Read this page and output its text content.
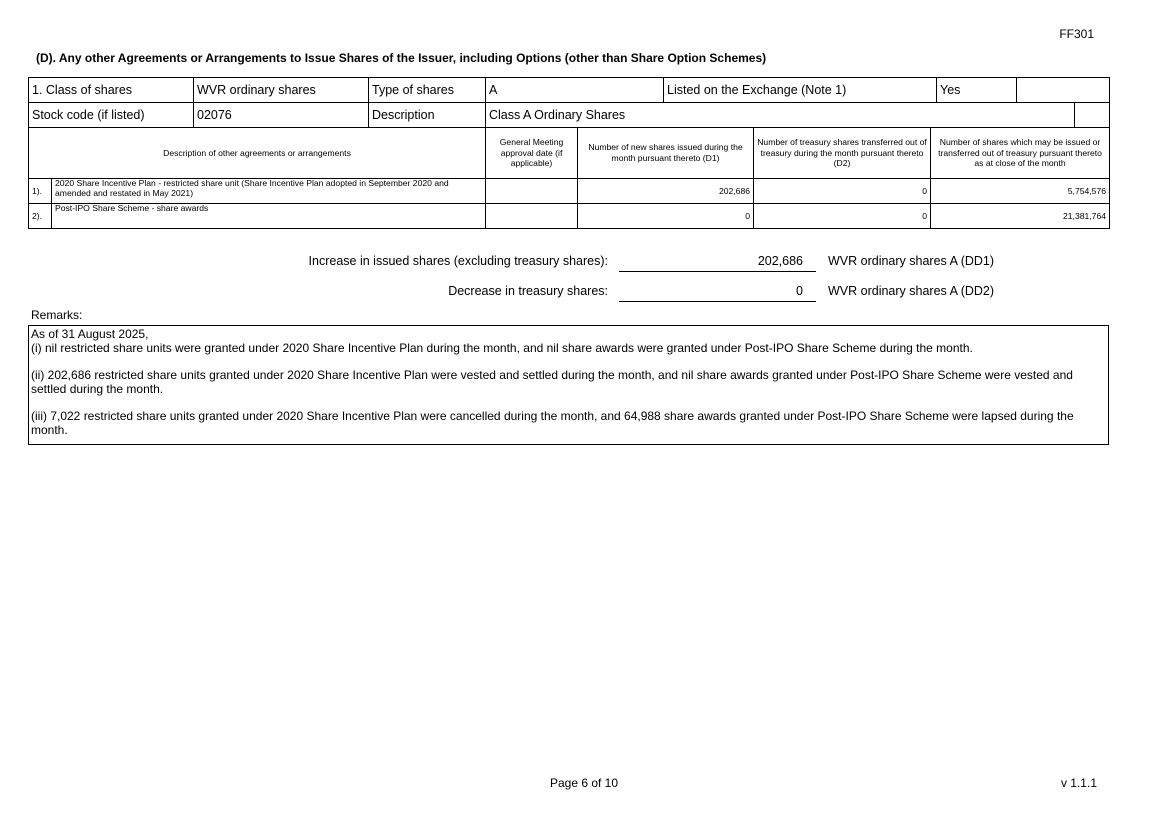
FF301
(D). Any other Agreements or Arrangements to Issue Shares of the Issuer, including Options (other than Share Option Schemes)
1. Class of shares	WVR ordinary shares	Type of shares	A	Listed on the Exchange (Note 1)	Yes		
Stock code (if listed)	02076	Description	Class A Ordinary Shares				
Description of other agreements or arrangements		General Meeting approval date (if applicable)	Number of new shares issued during the month pursuant thereto (D1)	Number of treasury shares transferred out of treasury during the month pursuant thereto (D2)	Number of shares which may be issued or transferred out of treasury pursuant thereto as at close of the month
1).	2020 Share Incentive Plan - restricted share unit (Share Incentive Plan adopted in September 2020 and amended and restated in May 2021)		202,686	0	5,754,576
2).	Post-IPO Share Scheme - share awards		0	0	21,381,764
Increase in issued shares (excluding treasury shares):	202,686	WVR ordinary shares A (DD1)
Decrease in treasury shares:	0	WVR ordinary shares A (DD2)
Remarks:

As of 31 August 2025,

(i) nil restricted share units were granted under 2020 Share Incentive Plan during the month, and nil share awards were granted under Post-IPO Share Scheme during the month.

(ii) 202,686 restricted share units granted under 2020 Share Incentive Plan were vested and settled during the month, and nil share awards granted under Post-IPO Share Scheme were vested and settled during the month.

(iii) 7,022 restricted share units granted under 2020 Share Incentive Plan were cancelled during the month, and 64,988 share awards granted under Post-IPO Share Scheme were lapsed during the month.

Page 6 of 10	v 1.1.1
